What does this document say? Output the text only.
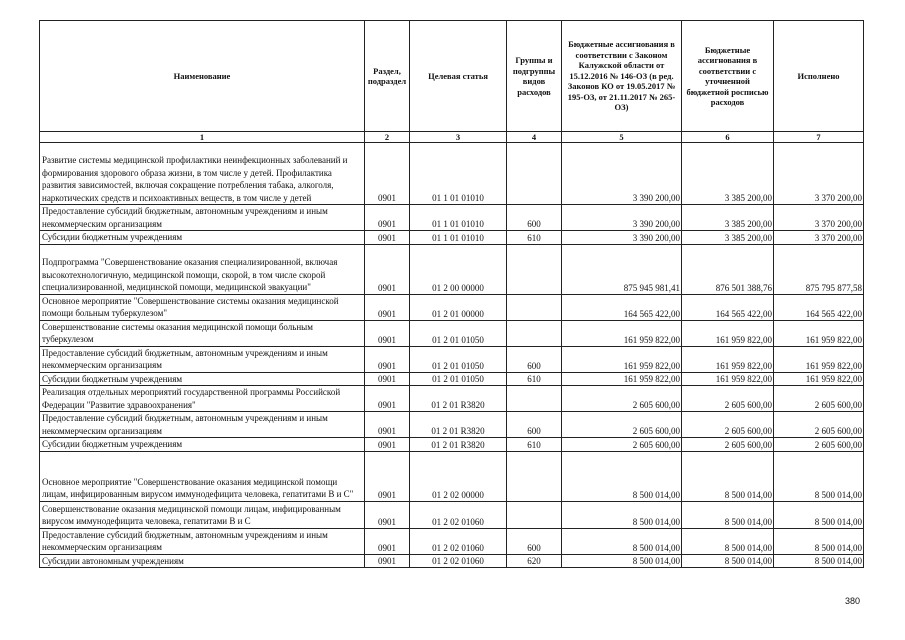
Наименование	Раздел, подраздел	Целевая статья	Группы и подгруппы видов расходов	Бюджетные ассигнования в соответствии с Законом Калужской области от 15.12.2016 № 146-ОЗ (в ред. Законов КО от 19.05.2017 № 195-ОЗ, от 21.11.2017 № 265-ОЗ)	Бюджетные ассигнования в соответствии с уточненной бюджетной росписью расходов	Исполнено
1	2	3	4	5	6	7
Развитие системы медицинской профилактики неинфекционных заболеваний и формирования здорового образа жизни, в том числе у детей. Профилактика развития зависимостей, включая сокращение потребления табака, алкоголя, наркотических средств и психоактивных веществ, в том числе у детей	0901	01 1 01 01010		3 390 200,00	3 385 200,00	3 370 200,00
Предоставление субсидий бюджетным, автономным учреждениям и иным некоммерческим организациям	0901	01 1 01 01010	600	3 390 200,00	3 385 200,00	3 370 200,00
Субсидии бюджетным учреждениям	0901	01 1 01 01010	610	3 390 200,00	3 385 200,00	3 370 200,00
Подпрограмма "Совершенствование оказания специализированной, включая высокотехнологичную, медицинской помощи, скорой, в том числе скорой специализированной, медицинской помощи, медицинской эвакуации"	0901	01 2 00 00000		875 945 981,41	876 501 388,76	875 795 877,58
Основное мероприятие "Совершенствование системы оказания медицинской помощи больным туберкулезом"	0901	01 2 01 00000		164 565 422,00	164 565 422,00	164 565 422,00
Совершенствование системы оказания медицинской помощи больным туберкулезом	0901	01 2 01 01050		161 959 822,00	161 959 822,00	161 959 822,00
Предоставление субсидий бюджетным, автономным учреждениям и иным некоммерческим организациям	0901	01 2 01 01050	600	161 959 822,00	161 959 822,00	161 959 822,00
Субсидии бюджетным учреждениям	0901	01 2 01 01050	610	161 959 822,00	161 959 822,00	161 959 822,00
Реализация отдельных мероприятий государственной программы Российской Федерации "Развитие здравоохранения"	0901	01 2 01 R3820		2 605 600,00	2 605 600,00	2 605 600,00
Предоставление субсидий бюджетным, автономным учреждениям и иным некоммерческим организациям	0901	01 2 01 R3820	600	2 605 600,00	2 605 600,00	2 605 600,00
Субсидии бюджетным учреждениям	0901	01 2 01 R3820	610	2 605 600,00	2 605 600,00	2 605 600,00
Основное мероприятие "Совершенствование оказания медицинской помощи лицам, инфицированным вирусом иммунодефицита человека, гепатитами В и С"	0901	01 2 02 00000		8 500 014,00	8 500 014,00	8 500 014,00
Совершенствование оказания медицинской помощи лицам, инфицированным вирусом иммунодефицита человека, гепатитами В и С	0901	01 2 02 01060		8 500 014,00	8 500 014,00	8 500 014,00
Предоставление субсидий бюджетным, автономным учреждениям и иным некоммерческим организациям	0901	01 2 02 01060	600	8 500 014,00	8 500 014,00	8 500 014,00
Субсидии автономным учреждениям	0901	01 2 02 01060	620	8 500 014,00	8 500 014,00	8 500 014,00
380
